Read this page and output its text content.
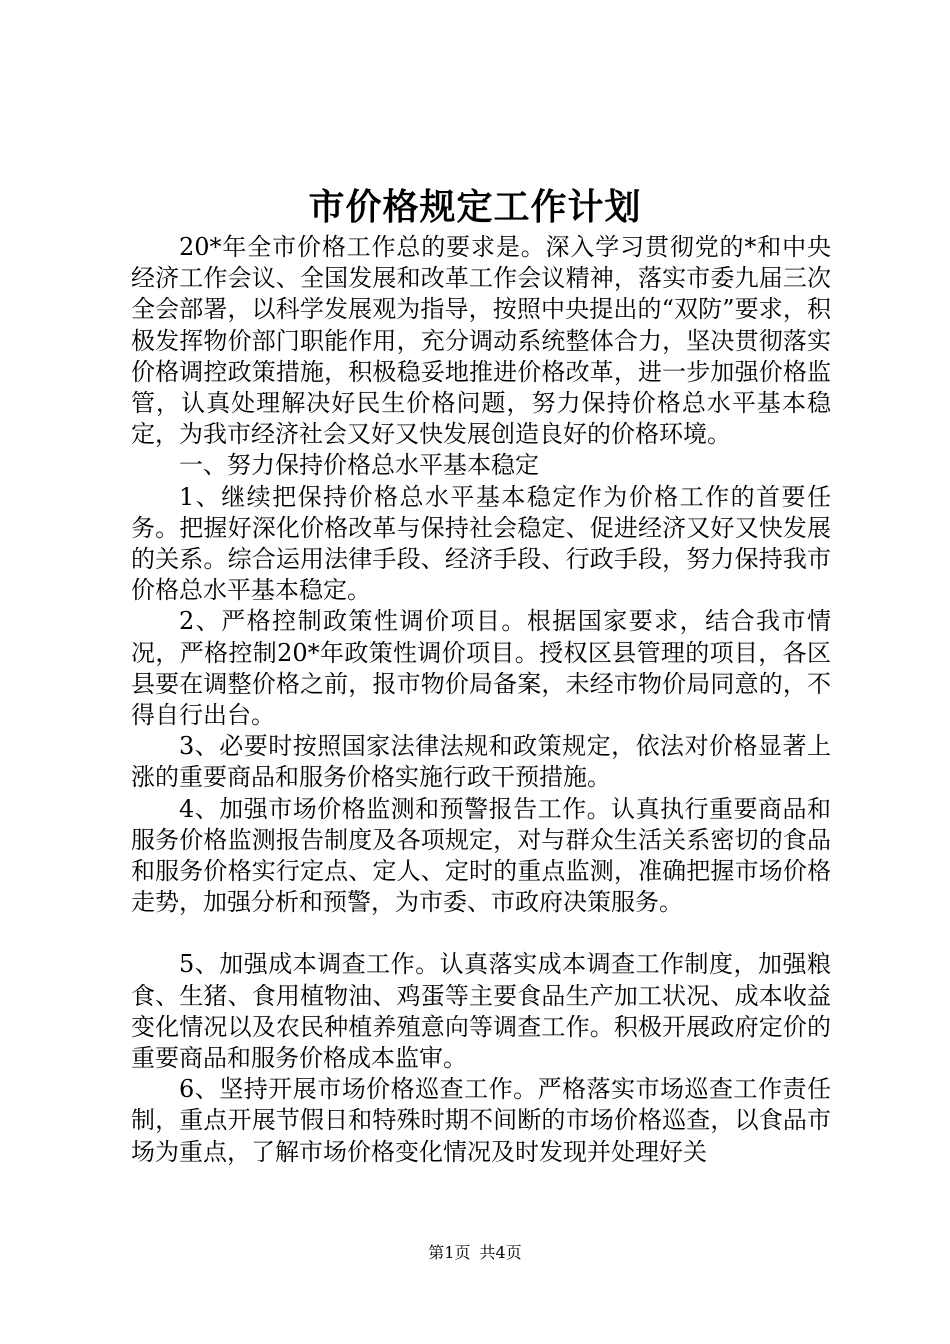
市价格规定工作计划

20*年全市价格工作总的要求是。深入学习贯彻党的*和中央经济工作会议、全国发展和改革工作会议精神，落实市委九届三次全会部署，以科学发展观为指导，按照中央提出的“双防”要求，积极发挥物价部门职能作用，充分调动系统整体合力，坚决贯彻落实价格调控政策措施，积极稳妥地推进价格改革，进一步加强价格监管，认真处理解决好民生价格问题，努力保持价格总水平基本稳定，为我市经济社会又好又快发展创造良好的价格环境。

一、努力保持价格总水平基本稳定

1、继续把保持价格总水平基本稳定作为价格工作的首要任务。把握好深化价格改革与保持社会稳定、促进经济又好又快发展的关系。综合运用法律手段、经济手段、行政手段，努力保持我市价格总水平基本稳定。

2、严格控制政策性调价项目。根据国家要求，结合我市情况，严格控制20*年政策性调价项目。授权区县管理的项目，各区县要在调整价格之前，报市物价局备案，未经市物价局同意的，不得自行出台。

3、必要时按照国家法律法规和政策规定，依法对价格显著上涨的重要商品和服务价格实施行政干预措施。

4、加强市场价格监测和预警报告工作。认真执行重要商品和服务价格监测报告制度及各项规定，对与群众生活关系密切的食品和服务价格实行定点、定人、定时的重点监测，准确把握市场价格走势，加强分析和预警，为市委、市政府决策服务。

5、加强成本调查工作。认真落实成本调查工作制度，加强粮食、生猪、食用植物油、鸡蛋等主要食品生产加工状况、成本收益变化情况以及农民种植养殖意向等调查工作。积极开展政府定价的重要商品和服务价格成本监审。

6、坚持开展市场价格巡查工作。严格落实市场巡查工作责任制，重点开展节假日和特殊时期不间断的市场价格巡查，以食品市场为重点，了解市场价格变化情况及时发现并处理好关

第1页 共4页
